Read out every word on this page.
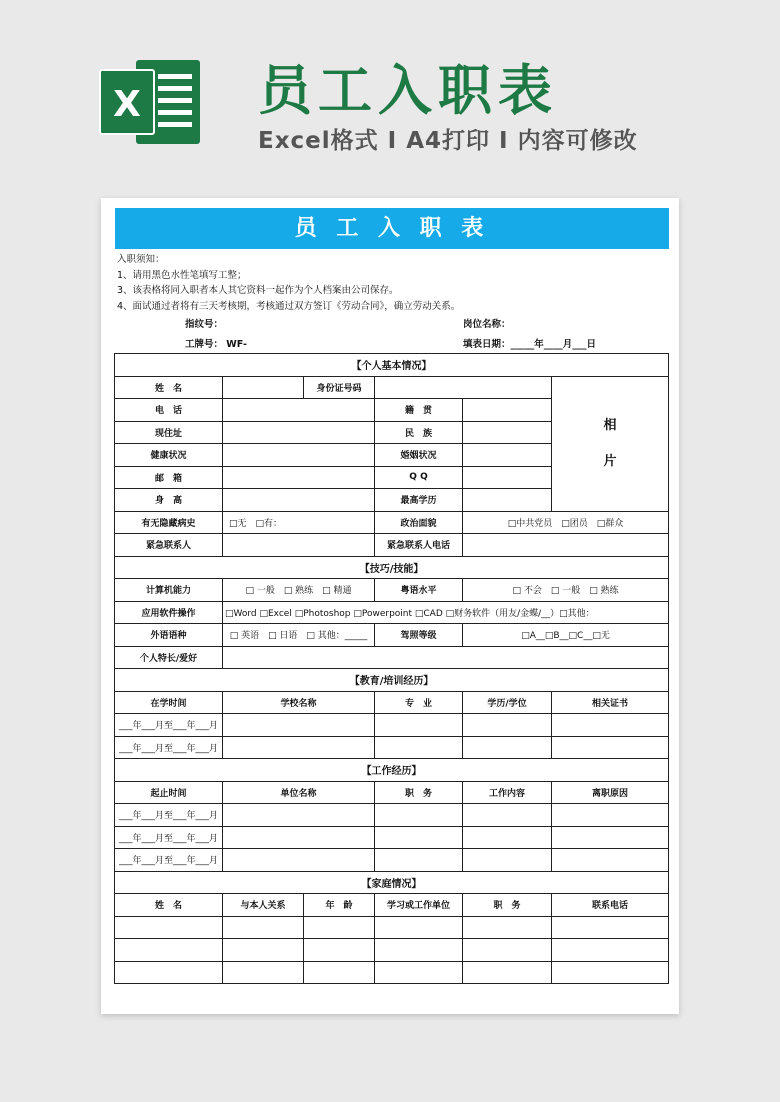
X 员工入职表
Excel格式 I A4打印 I 内容可修改
员 工 入 职 表
入职须知：
1、请用黑色水性笔填写工整；
3、该表格将同入职者本人其它资料一起作为个人档案由公司保存。
4、面试通过者将有三天考核期，考核通过双方签订《劳动合同》，确立劳动关系。
指纹号：	岗位名称：
工牌号： WF-	填表日期：_____年____月___日
【个人基本情况】					
姓　名		身份证号码			相
片
电　话			籍　贯		
现住址			民　族		
健康状况			婚姻状况		
邮　箱			Q Q		
身　高			最高学历		
有无隐藏病史	□无　□有：		政治面貌	□中共党员　□团员　□群众	
紧急联系人			紧急联系人电话		
【技巧/技能】					
计算机能力	□ 一般　□ 熟练　□ 精通		粤语水平	□ 不会　□ 一般　□ 熟练	
应用软件操作	□Word □Excel □Photoshop □Powerpoint □CAD □财务软件（用友/金蝶/__）□其他：				
外语语种	□ 英语　□ 日语　□ 其他：_____		驾照等级	□A__□B__□C__□无	
个人特长/爱好					
【教育/培训经历】					
在学时间	学校名称		专　业	学历/学位	相关证书
___年___月至___年___月					
___年___月至___年___月					
【工作经历】					
起止时间	单位名称		职　务	工作内容	离职原因
___年___月至___年___月					
___年___月至___年___月					
___年___月至___年___月					
【家庭情况】					
姓　名	与本人关系	年　龄	学习或工作单位	职　务	联系电话
